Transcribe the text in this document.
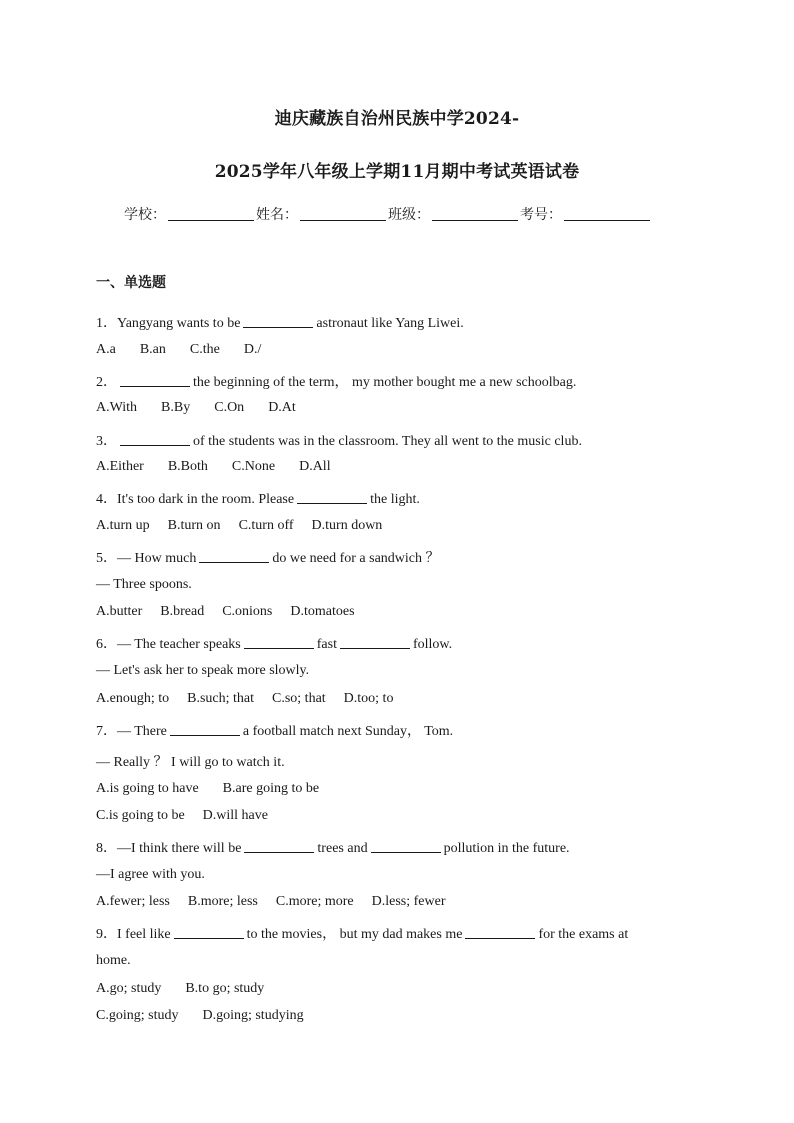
迪庆藏族自治州民族中学2024-
2025学年八年级上学期11月期中考试英语试卷
学校：	姓名：	班级：	考号：
一、单选题
1．Yangyang wants to be	astronaut like Yang Liwei.
A.a B.an C.the D./
2．	the beginning of the term， my mother bought me a new schoolbag.
A.With B.By C.On D.At
3．	of the students was in the classroom. They all went to the music club.
A.Either B.Both C.None D.All
4．It's too dark in the room. Please	the light.
A.turn up B.turn on C.turn off D.turn down
5．— How much	do we need for a sandwich ？
— Three spoons.
A.butter B.bread C.onions D.tomatoes
6．— The teacher speaks	fast	follow.
— Let's ask her to speak more slowly.
A.enough; to B.such; that C.so; that D.too; to
7．— There	a football match next Sunday， Tom.
— Really ？ I will go to watch it.
A.is going to have B.are going to be
C.is going to be D.will have
8．—I think there will be	trees and	pollution in the future.
—I agree with you.
A.fewer; less B.more; less C.more; more D.less; fewer
9．I feel like	to the movies， but my dad makes me	for the exams at
home.
A.go; study B.to go; study
C.going; study D.going; studying
